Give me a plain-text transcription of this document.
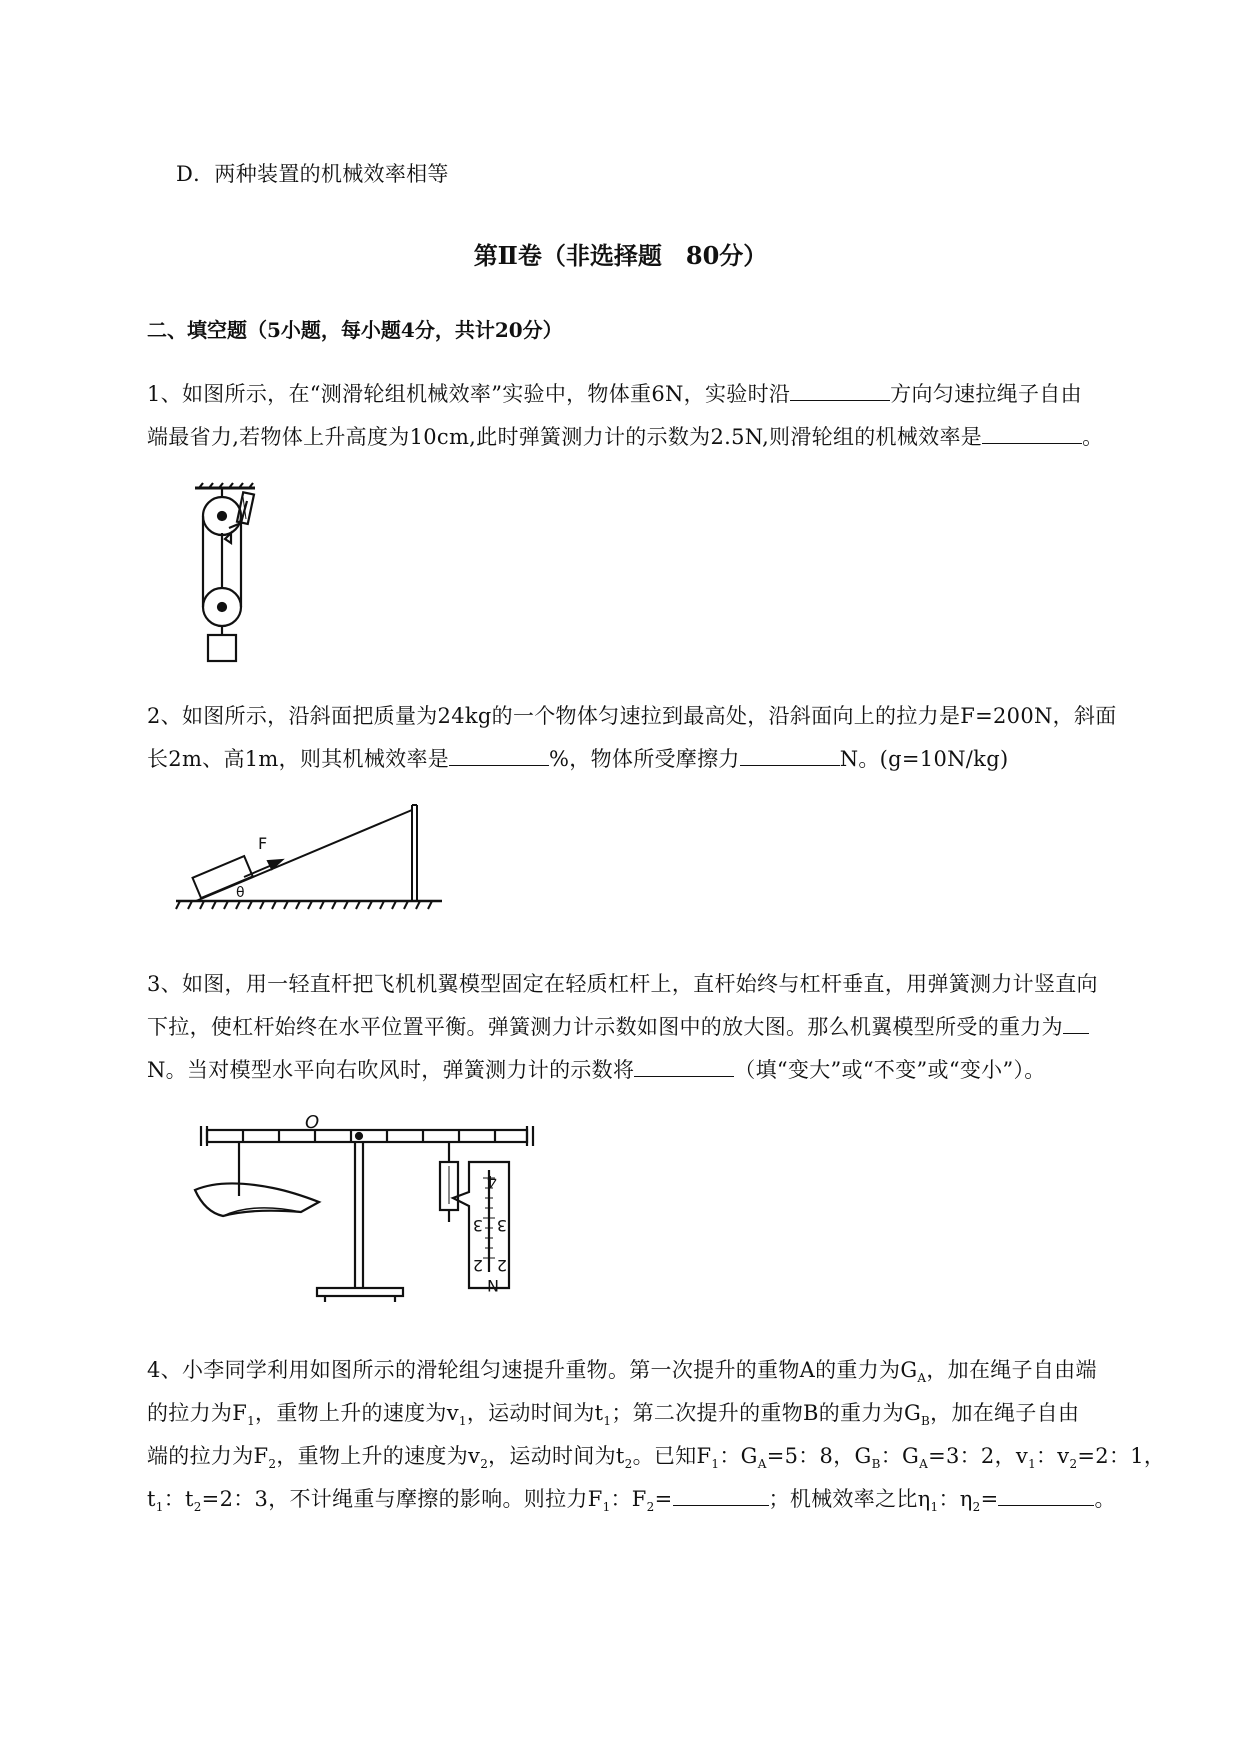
D．两种装置的机械效率相等
第Ⅱ卷（非选择题　80分）
二、填空题（5小题，每小题4分，共计20分）
1、如图所示，在“测滑轮组机械效率”实验中，物体重6N，实验时沿	方向匀速拉绳子自由
端最省力,若物体上升高度为10cm,此时弹簧测力计的示数为2.5N,则滑轮组的机械效率是	。
2、如图所示，沿斜面把质量为24kg的一个物体匀速拉到最高处，沿斜面向上的拉力是F=200N，斜面
长2m、高1m，则其机械效率是	%，物体所受摩擦力	N。(g=10N/kg)
F
θ
3、如图，用一轻直杆把飞机机翼模型固定在轻质杠杆上，直杆始终与杠杆垂直，用弹簧测力计竖直向
下拉，使杠杆始终在水平位置平衡。弹簧测力计示数如图中的放大图。那么机翼模型所受的重力为
N。当对模型水平向右吹风时，弹簧测力计的示数将	（填“变大”或“不变”或“变小”）。
O
4
3 3
2 2
N
4、小李同学利用如图所示的滑轮组匀速提升重物。第一次提升的重物A的重力为$G_A$，加在绳子自由端
的拉力为$F_1$，重物上升的速度为$v_1$，运动时间为$t_1$；第二次提升的重物B的重力为$G_B$，加在绳子自由
端的拉力为$F_2$，重物上升的速度为$v_2$，运动时间为$t_2$。已知$F_1$：$G_A=5$：8，$G_B$：$G_A=3$：2，$v_1$：$v_2=2$：1，
$t_1$：$t_2=2$：3，不计绳重与摩擦的影响。则拉力$F_1$：$F_2=$	；机械效率之比$\eta_1$：$\eta_2=$	。
